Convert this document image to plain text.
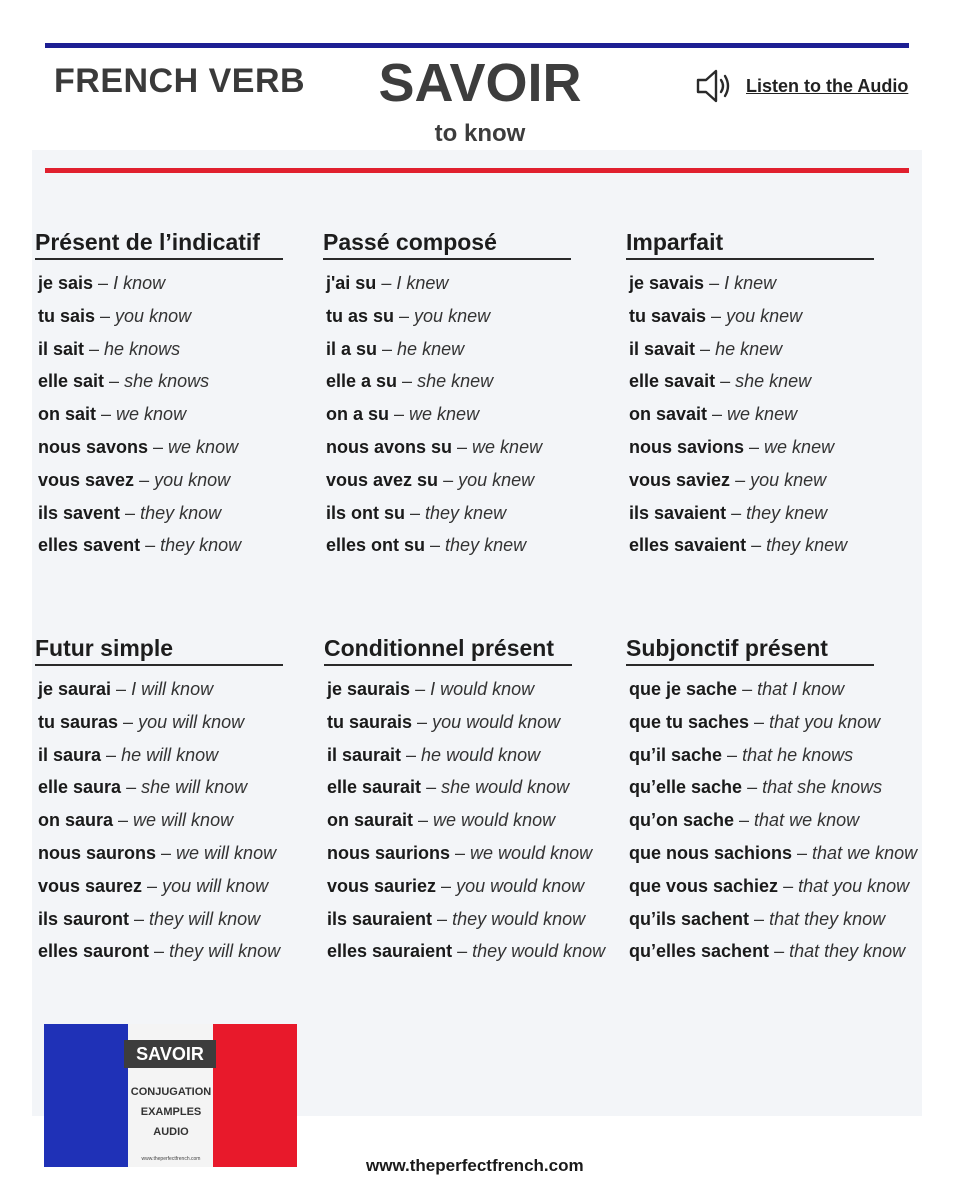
FRENCH VERB	SAVOIR
to know
Listen to the Audio
Présent de l’indicatif
je sais – I know
tu sais – you know
il sait – he knows
elle sait – she knows
on sait – we know
nous savons – we know
vous savez – you know
ils savent – they know
elles savent – they know
Passé composé
j'ai su – I knew
tu as su – you knew
il a su – he knew
elle a su – she knew
on a su – we knew
nous avons su – we knew
vous avez su – you knew
ils ont su – they knew
elles ont su – they knew
Imparfait
je savais – I knew
tu savais – you knew
il savait – he knew
elle savait – she knew
on savait – we knew
nous savions – we knew
vous saviez – you knew
ils savaient – they knew
elles savaient – they knew
Futur simple
je saurai – I will know
tu sauras – you will know
il saura – he will know
elle saura – she will know
on saura – we will know
nous saurons – we will know
vous saurez – you will know
ils sauront – they will know
elles sauront – they will know
Conditionnel présent
je saurais – I would know
tu saurais – you would know
il saurait – he would know
elle saurait – she would know
on saurait – we would know
nous saurions – we would know
vous sauriez – you would know
ils sauraient – they would know
elles sauraient – they would know
Subjonctif présent
que je sache – that I know
que tu saches – that you know
qu’il sache – that he knows
qu’elle sache – that she knows
qu’on sache – that we know
que nous sachions – that we know
que vous sachiez – that you know
qu’ils sachent – that they know
qu’elles sachent – that they know
SAVOIR
CONJUGATION
EXAMPLES
AUDIO
www.theperfectfrench.com	www.theperfectfrench.com
